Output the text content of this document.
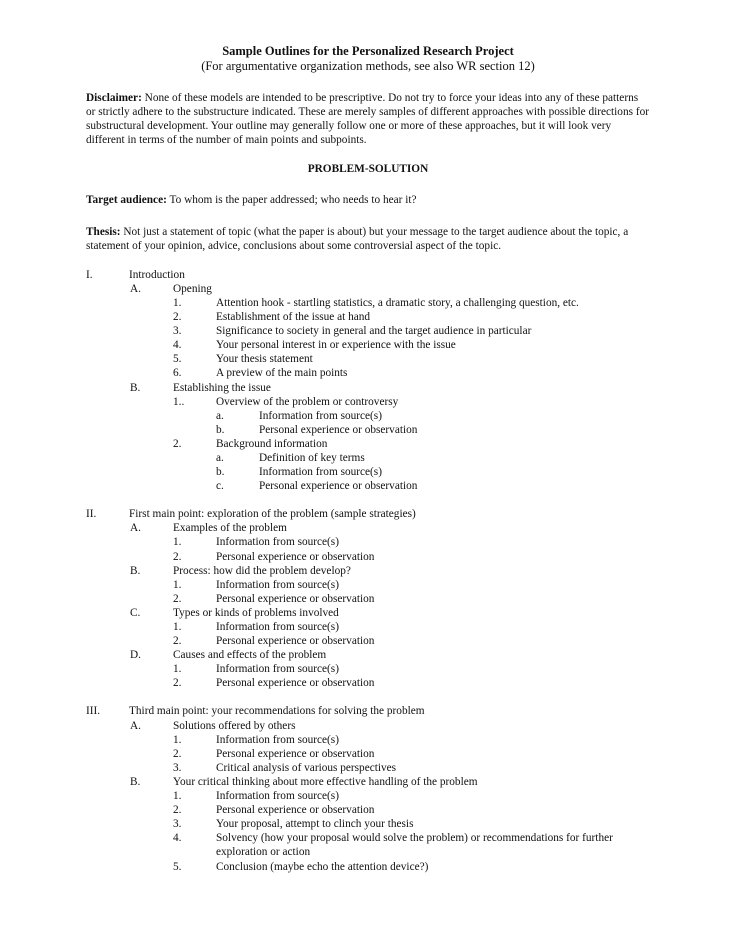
Sample Outlines for the Personalized Research Project
(For argumentative organization methods, see also WR section 12)
Disclaimer: None of these models are intended to be prescriptive. Do not try to force your ideas into any of these patterns or strictly adhere to the substructure indicated. These are merely samples of different approaches with possible directions for substructural development. Your outline may generally follow one or more of these approaches, but it will look very different in terms of the number of main points and subpoints.
PROBLEM-SOLUTION
Target audience: To whom is the paper addressed; who needs to hear it?
Thesis: Not just a statement of topic (what the paper is about) but your message to the target audience about the topic, a statement of your opinion, advice, conclusions about some controversial aspect of the topic.
I.	Introduction
A.	Opening
1.	Attention hook - startling statistics, a dramatic story, a challenging question, etc.
2.	Establishment of the issue at hand
3.	Significance to society in general and the target audience in particular
4.	Your personal interest in or experience with the issue
5.	Your thesis statement
6.	A preview of the main points
B.	Establishing the issue
1..	Overview of the problem or controversy
a.	Information from source(s)
b.	Personal experience or observation
2.	Background information
a.	Definition of key terms
b.	Information from source(s)
c.	Personal experience or observation
II.	First main point: exploration of the problem (sample strategies)
A.	Examples of the problem
1.	Information from source(s)
2.	Personal experience or observation
B.	Process: how did the problem develop?
1.	Information from source(s)
2.	Personal experience or observation
C.	Types or kinds of problems involved
1.	Information from source(s)
2.	Personal experience or observation
D.	Causes and effects of the problem
1.	Information from source(s)
2.	Personal experience or observation
III.	Third main point: your recommendations for solving the problem
A.	Solutions offered by others
1.	Information from source(s)
2.	Personal experience or observation
3.	Critical analysis of various perspectives
B.	Your critical thinking about more effective handling of the problem
1.	Information from source(s)
2.	Personal experience or observation
3.	Your proposal, attempt to clinch your thesis
4.	Solvency (how your proposal would solve the problem) or recommendations for further
exploration or action
5.	Conclusion (maybe echo the attention device?)
